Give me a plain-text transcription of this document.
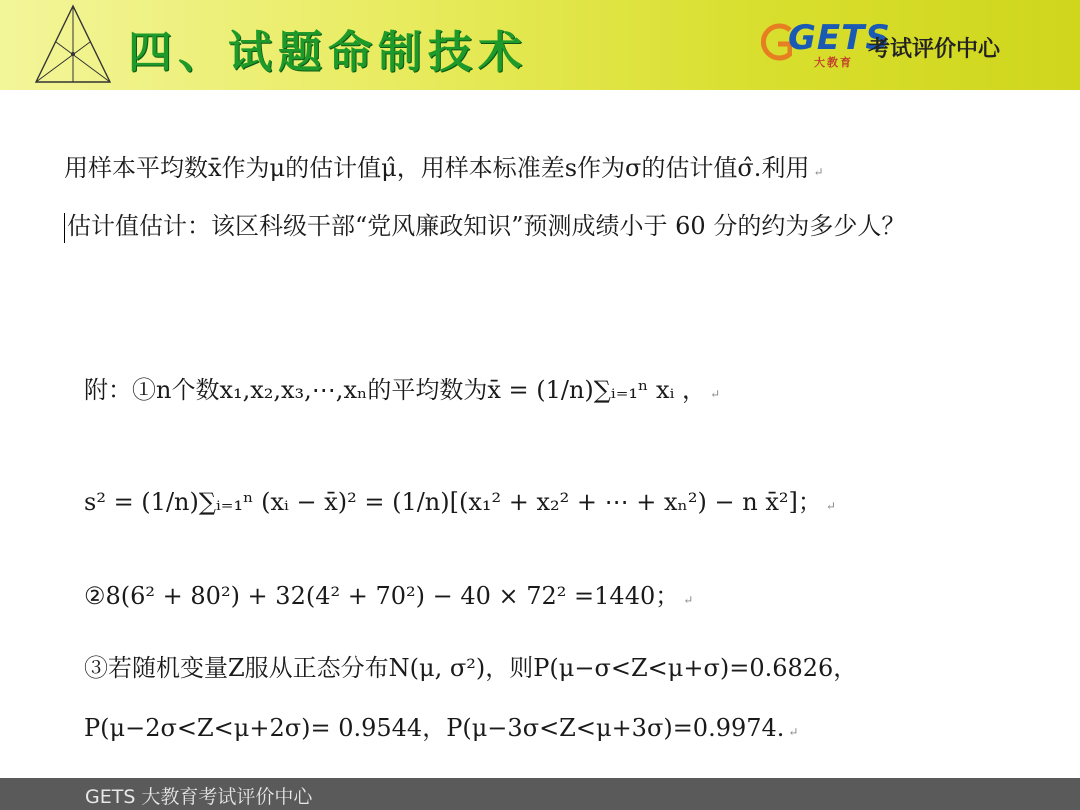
四、试题命制技术	GETS
大教育
考试评价中心
用样本平均数x̄作为μ的估计值μ̂，用样本标准差s作为σ的估计值σ̂.利用 ↵
估计值估计：该区科级干部“党风廉政知识”预测成绩小于 60 分的约为多少人？
附：①n个数x₁,x₂,x₃,⋯,xₙ的平均数为x̄ = (1/n)∑ᵢ₌₁ⁿ xᵢ ， ↵
s² = (1/n)∑ᵢ₌₁ⁿ (xᵢ − x̄)² = (1/n)[(x₁² + x₂² + ⋯ + xₙ²) − n x̄²]； ↵
②8(6² + 80²) + 32(4² + 70²) − 40 × 72² =1440； ↵
③若随机变量Z服从正态分布N(μ, σ²)，则P(μ−σ<Z<μ+σ)=0.6826，
P(μ−2σ<Z<μ+2σ)= 0.9544，P(μ−3σ<Z<μ+3σ)=0.9974. ↵
GETS 大教育考试评价中心
